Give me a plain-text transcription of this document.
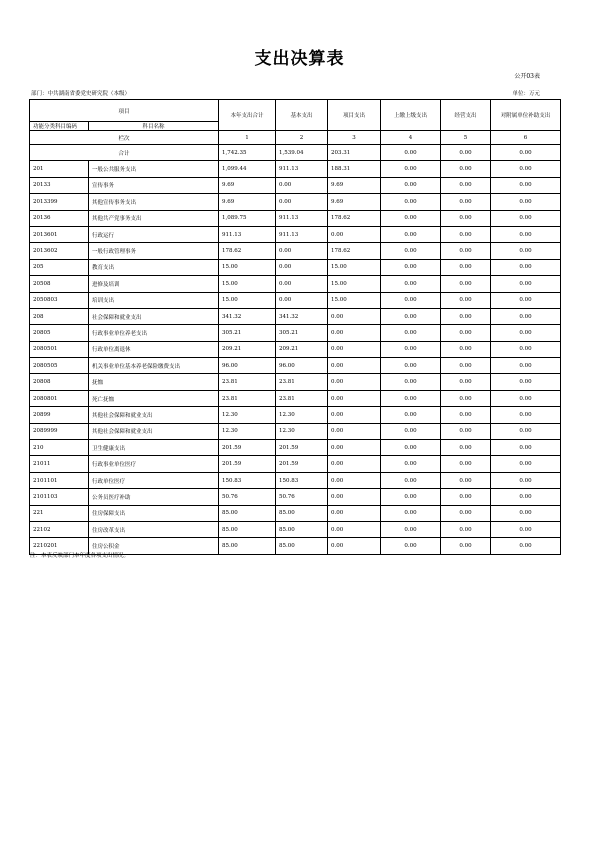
支出决算表
公开03表
部门：中共湖南省委党史研究院（本级）	单位：万元
项目		本年支出合计	基本支出	项目支出	上缴上级支出	经营支出	对附属单位补助支出
功能分类科目编码	科目名称						
栏次		1	2	3	4	5	6
合计		1,742.35	1,539.04	203.31	0.00	0.00	0.00
201	一般公共服务支出	1,099.44	911.13	188.31	0.00	0.00	0.00
20133	宣传事务	9.69	0.00	9.69	0.00	0.00	0.00
2013399	其他宣传事务支出	9.69	0.00	9.69	0.00	0.00	0.00
20136	其他共产党事务支出	1,089.75	911.13	178.62	0.00	0.00	0.00
2013601	行政运行	911.13	911.13	0.00	0.00	0.00	0.00
2013602	一般行政管理事务	178.62	0.00	178.62	0.00	0.00	0.00
205	教育支出	15.00	0.00	15.00	0.00	0.00	0.00
20508	进修及培训	15.00	0.00	15.00	0.00	0.00	0.00
2050803	培训支出	15.00	0.00	15.00	0.00	0.00	0.00
208	社会保障和就业支出	341.32	341.32	0.00	0.00	0.00	0.00
20805	行政事业单位养老支出	305.21	305.21	0.00	0.00	0.00	0.00
2080501	行政单位离退休	209.21	209.21	0.00	0.00	0.00	0.00
2080505	机关事业单位基本养老保险缴费支出	96.00	96.00	0.00	0.00	0.00	0.00
20808	抚恤	23.81	23.81	0.00	0.00	0.00	0.00
2080801	死亡抚恤	23.81	23.81	0.00	0.00	0.00	0.00
20899	其他社会保障和就业支出	12.30	12.30	0.00	0.00	0.00	0.00
2089999	其他社会保障和就业支出	12.30	12.30	0.00	0.00	0.00	0.00
210	卫生健康支出	201.59	201.59	0.00	0.00	0.00	0.00
21011	行政事业单位医疗	201.59	201.59	0.00	0.00	0.00	0.00
2101101	行政单位医疗	150.83	150.83	0.00	0.00	0.00	0.00
2101103	公务员医疗补助	50.76	50.76	0.00	0.00	0.00	0.00
221	住房保障支出	85.00	85.00	0.00	0.00	0.00	0.00
22102	住房改革支出	85.00	85.00	0.00	0.00	0.00	0.00
2210201	住房公积金	85.00	85.00	0.00	0.00	0.00	0.00
注：本表反映部门本年度各项支出情况。
